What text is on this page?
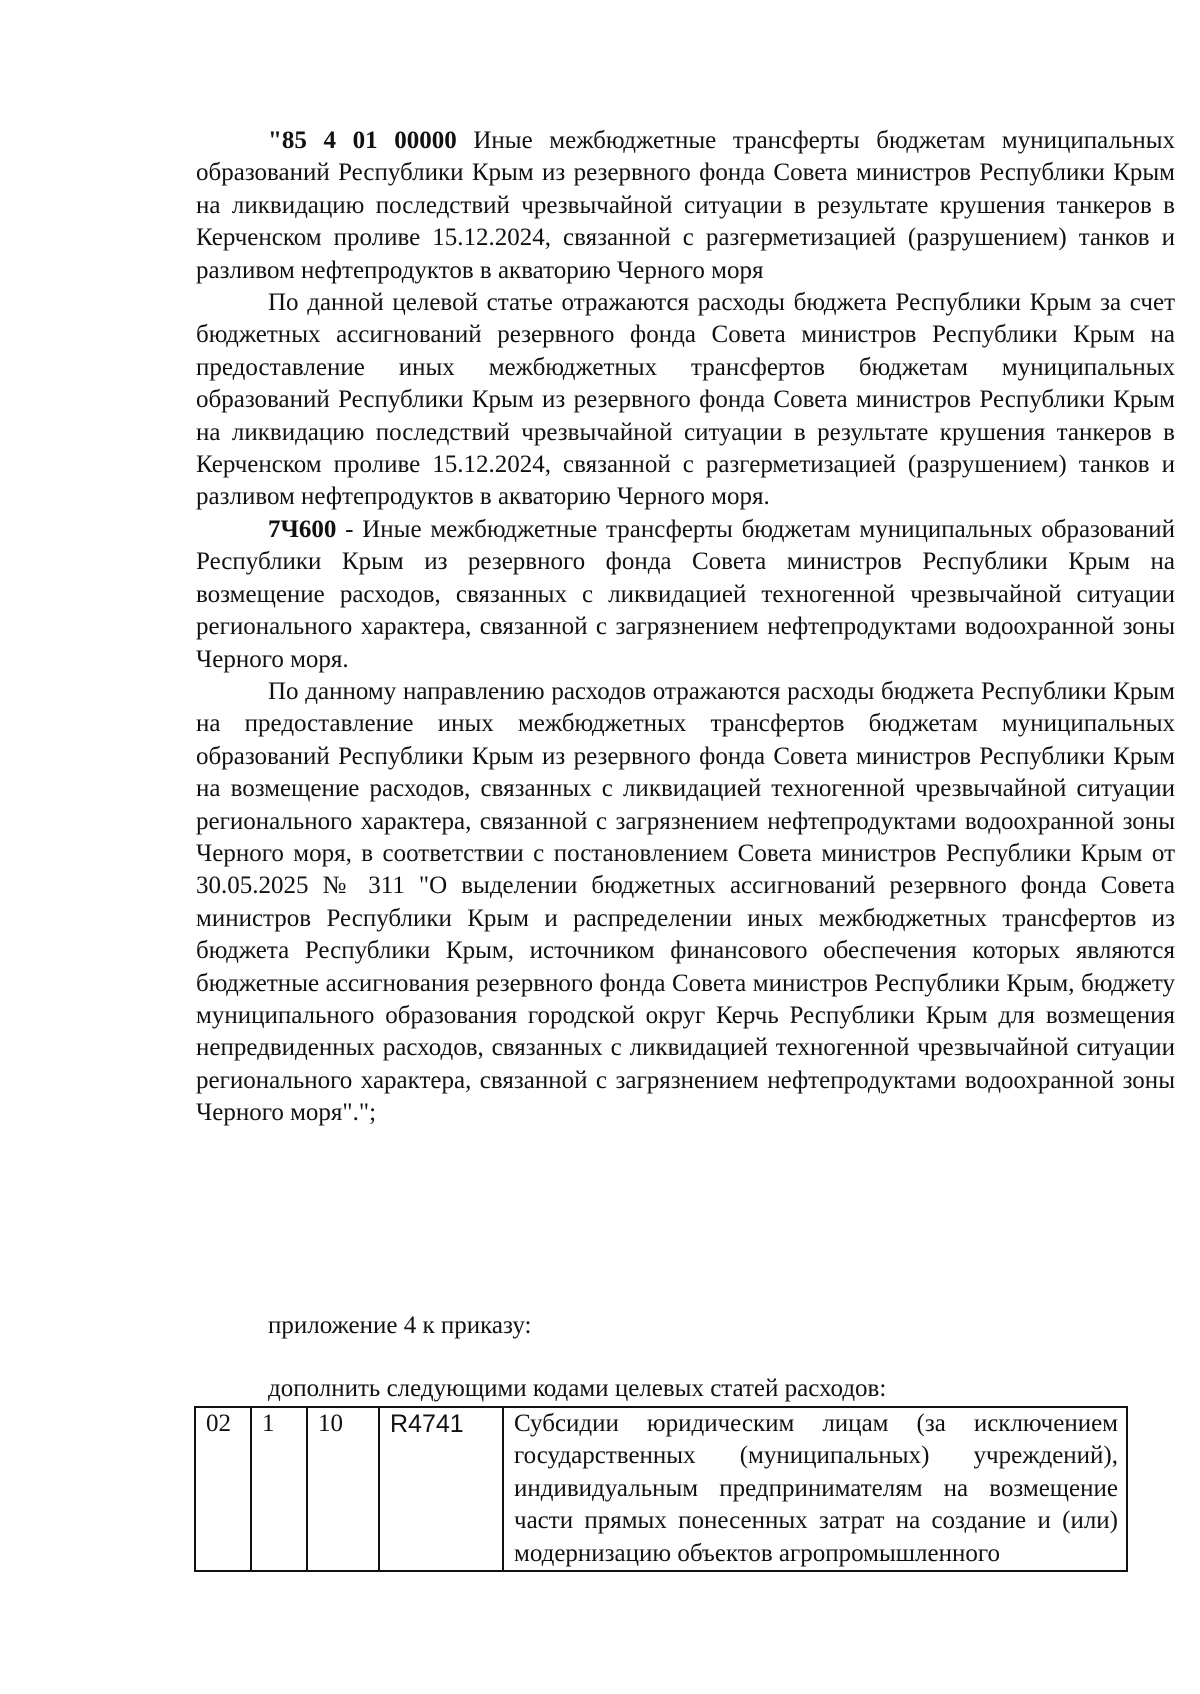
"85 4 01 00000 Иные межбюджетные трансферты бюджетам муниципальных образований Республики Крым из резервного фонда Совета министров Республики Крым на ликвидацию последствий чрезвычайной ситуации в результате крушения танкеров в Керченском проливе 15.12.2024, связанной с разгерметизацией (разрушением) танков и разливом нефтепродуктов в акваторию Черного моря

По данной целевой статье отражаются расходы бюджета Республики Крым за счет бюджетных ассигнований резервного фонда Совета министров Республики Крым на предоставление иных межбюджетных трансфертов бюджетам муниципальных образований Республики Крым из резервного фонда Совета министров Республики Крым на ликвидацию последствий чрезвычайной ситуации в результате крушения танкеров в Керченском проливе 15.12.2024, связанной с разгерметизацией (разрушением) танков и разливом нефтепродуктов в акваторию Черного моря.

7Ч600 - Иные межбюджетные трансферты бюджетам муниципальных образований Республики Крым из резервного фонда Совета министров Республики Крым на возмещение расходов, связанных с ликвидацией техногенной чрезвычайной ситуации регионального характера, связанной с загрязнением нефтепродуктами водоохранной зоны Черного моря.

По данному направлению расходов отражаются расходы бюджета Республики Крым на предоставление иных межбюджетных трансфертов бюджетам муниципальных образований Республики Крым из резервного фонда Совета министров Республики Крым на возмещение расходов, связанных с ликвидацией техногенной чрезвычайной ситуации регионального характера, связанной с загрязнением нефтепродуктами водоохранной зоны Черного моря, в соответствии с постановлением Совета министров Республики Крым от 30.05.2025 № 311 "О выделении бюджетных ассигнований резервного фонда Совета министров Республики Крым и распределении иных межбюджетных трансфертов из бюджета Республики Крым, источником финансового обеспечения которых являются бюджетные ассигнования резервного фонда Совета министров Республики Крым, бюджету муниципального образования городской округ Керчь Республики Крым для возмещения непредвиденных расходов, связанных с ликвидацией техногенной чрезвычайной ситуации регионального характера, связанной с загрязнением нефтепродуктами водоохранной зоны Черного моря".";

приложение 4 к приказу:
дополнить следующими кодами целевых статей расходов:
02	1	10	R4741	Субсидии юридическим лицам (за исключением государственных (муниципальных) учреждений), индивидуальным предпринимателям на возмещение части прямых понесенных затрат на создание и (или) модернизацию объектов агропромышленного
